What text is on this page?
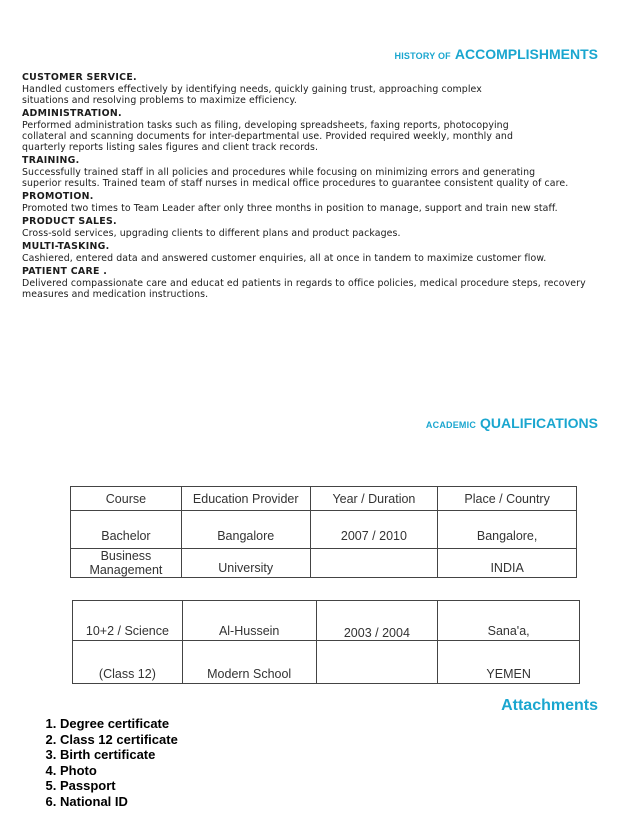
HISTORY OF ACCOMPLISHMENTS
CUSTOMER SERVICE.
Handled customers effectively by identifying needs, quickly gaining trust, approaching complex situations and resolving problems to maximize efficiency.
ADMINISTRATION.
Performed administration tasks such as filing, developing spreadsheets, faxing reports, photocopying collateral and scanning documents for inter-departmental use. Provided required weekly, monthly and quarterly reports listing sales figures and client track records.
TRAINING.
Successfully trained staff in all policies and procedures while focusing on minimizing errors and generating superior results. Trained team of staff nurses in medical office procedures to guarantee consistent quality of care.
PROMOTION.
Promoted two times to Team Leader after only three months in position to manage, support and train new staff.
PRODUCT SALES.
Cross-sold services, upgrading clients to different plans and product packages.
MULTI-TASKING.
Cashiered, entered data and answered customer enquiries, all at once in tandem to maximize customer flow.
PATIENT CARE .
Delivered compassionate care and educat ed patients in regards to office policies, medical procedure steps, recovery measures and medication instructions.
ACADEMIC QUALIFICATIONS
Course	Education Provider	Year / Duration	Place / Country
Bachelor	Bangalore	2007 / 2010	Bangalore,
Business Management	University		INDIA
10+2 / Science	Al-Hussein	2003 / 2004	Sana'a,
(Class 12)	Modern School		YEMEN
Attachments
1. Degree certificate
2. Class 12 certificate
3. Birth certificate
4. Photo
5. Passport
6. National ID
